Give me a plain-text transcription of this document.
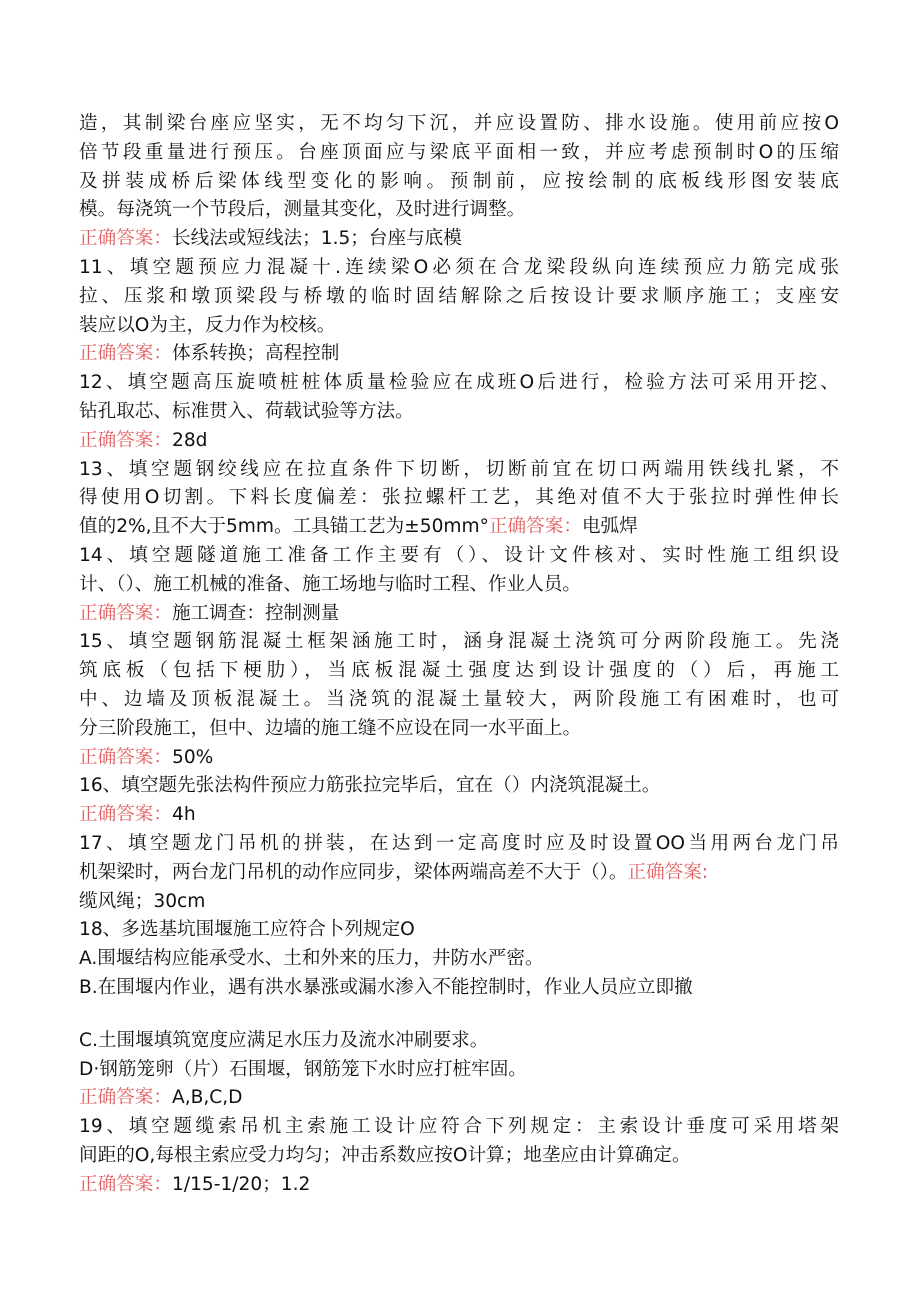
造，其制梁台座应坚实，无不均匀下沉，并应设置防、排水设施。使用前应按O
倍节段重量进行预压。台座顶面应与梁底平面相一致，并应考虑预制时O的压缩
及拼装成桥后梁体线型变化的影响。预制前，应按绘制的底板线形图安装底
模。每浇筑一个节段后，测量其变化，及时进行调整。
正确答案：长线法或短线法；1.5；台座与底模
11、填空题预应力混凝十.连续梁O必须在合龙梁段纵向连续预应力筋完成张
拉、压浆和墩顶梁段与桥墩的临时固结解除之后按设计要求顺序施工；支座安
装应以O为主，反力作为校核。
正确答案：体系转换；高程控制
12、填空题高压旋喷桩桩体质量检验应在成班O后进行，检验方法可采用开挖、
钻孔取芯、标准贯入、荷载试验等方法。
正确答案：28d
13、填空题钢绞线应在拉直条件下切断，切断前宜在切口两端用铁线扎紧，不
得使用O切割。下料长度偏差：张拉螺杆工艺，其绝对值不大于张拉时弹性伸长
值的2%,且不大于5mm。工具锚工艺为±50mm°正确答案：电弧焊
14、填空题隧道施工准备工作主要有（）、设计文件核对、实时性施工组织设
计、（）、施工机械的准备、施工场地与临时工程、作业人员。
正确答案：施工调查：控制测量
15、填空题钢筋混凝土框架涵施工时，涵身混凝土浇筑可分两阶段施工。先浇
筑底板（包括下梗肋），当底板混凝土强度达到设计强度的（）后，再施工
中、边墙及顶板混凝土。当浇筑的混凝土量较大，两阶段施工有困难时，也可
分三阶段施工，但中、边墙的施工缝不应设在同一水平面上。
正确答案：50%
16、填空题先张法构件预应力筋张拉完毕后，宜在（）内浇筑混凝土。
正确答案：4h
17、填空题龙门吊机的拼装，在达到一定高度时应及时设置OO当用两台龙门吊
机架梁时，两台龙门吊机的动作应同步，梁体两端高差不大于（）。正确答案:
缆风绳；30cm
18、多选基坑围堰施工应符合卜列规定O
A.围堰结构应能承受水、土和外来的压力，井防水严密。
B.在围堰内作业，遇有洪水暴涨或漏水渗入不能控制时，作业人员应立即撤
C.土围堰填筑宽度应满足水压力及流水冲刷要求。
D·钢筋笼卵（片）石围堰，钢筋笼下水时应打桩牢固。
正确答案：A,B,C,D
19、填空题缆索吊机主索施工设计应符合下列规定：主索设计垂度可采用塔架
间距的O,每根主索应受力均匀；冲击系数应按O计算；地垄应由计算确定。
正确答案：1/15-1/20；1.2
